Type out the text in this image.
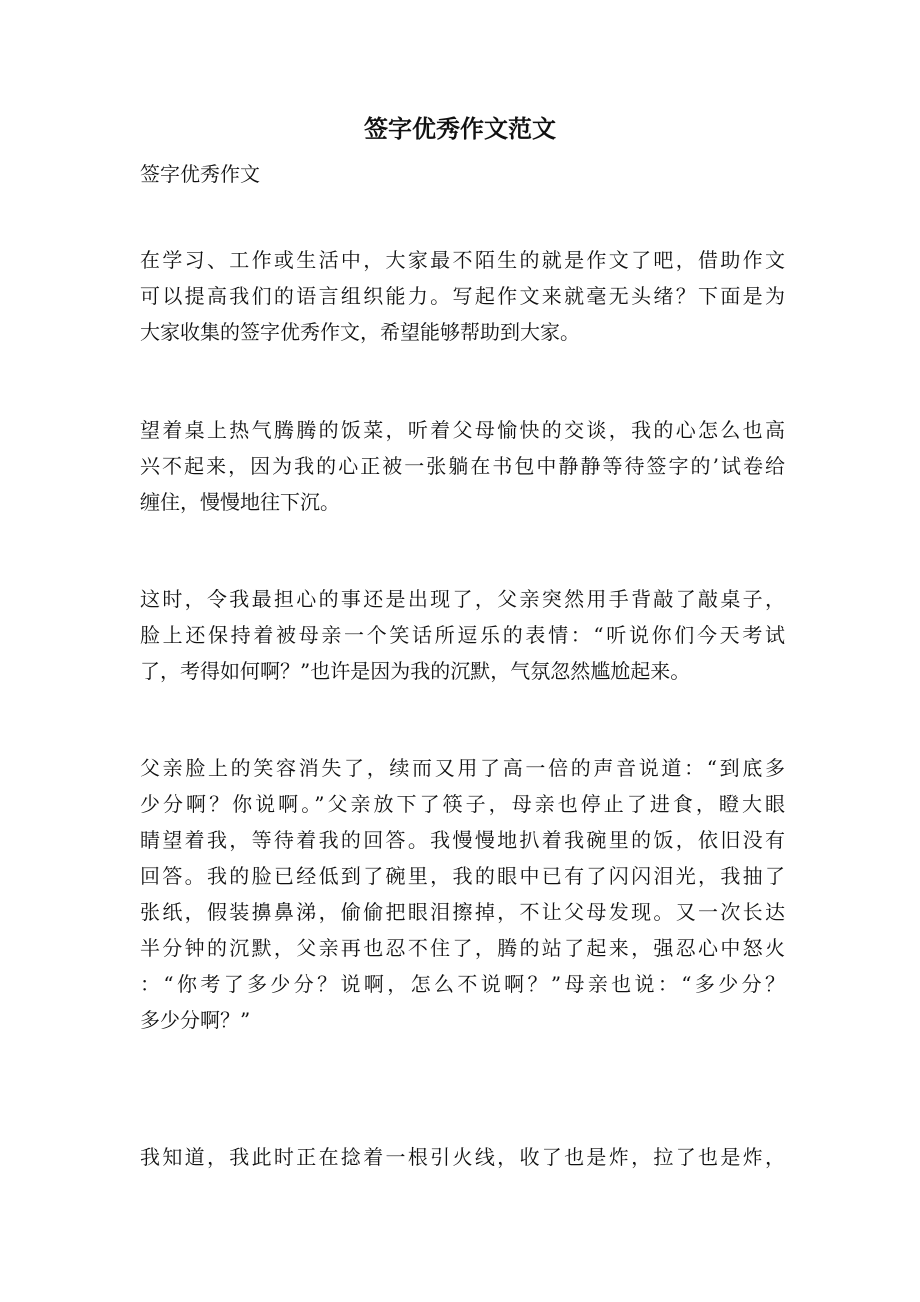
签字优秀作文范文

签字优秀作文

在学习、工作或生活中，大家最不陌生的就是作文了吧，借助作文
可以提高我们的语言组织能力。写起作文来就毫无头绪？下面是为
大家收集的签字优秀作文，希望能够帮助到大家。
望着桌上热气腾腾的饭菜，听着父母愉快的交谈，我的心怎么也高
兴不起来，因为我的心正被一张躺在书包中静静等待签字的’试卷给
缠住，慢慢地往下沉。
这时，令我最担心的事还是出现了，父亲突然用手背敲了敲桌子，
脸上还保持着被母亲一个笑话所逗乐的表情：“听说你们今天考试
了，考得如何啊？”也许是因为我的沉默，气氛忽然尴尬起来。
父亲脸上的笑容消失了，续而又用了高一倍的声音说道：“到底多
少分啊？你说啊。”父亲放下了筷子，母亲也停止了进食，瞪大眼
睛望着我，等待着我的回答。我慢慢地扒着我碗里的饭，依旧没有
回答。我的脸已经低到了碗里，我的眼中已有了闪闪泪光，我抽了
张纸，假装擤鼻涕，偷偷把眼泪擦掉，不让父母发现。又一次长达
半分钟的沉默，父亲再也忍不住了，腾的站了起来，强忍心中怒火
：“你考了多少分？说啊，怎么不说啊？”母亲也说：“多少分？
多少分啊？”
我知道，我此时正在捻着一根引火线，收了也是炸，拉了也是炸，
